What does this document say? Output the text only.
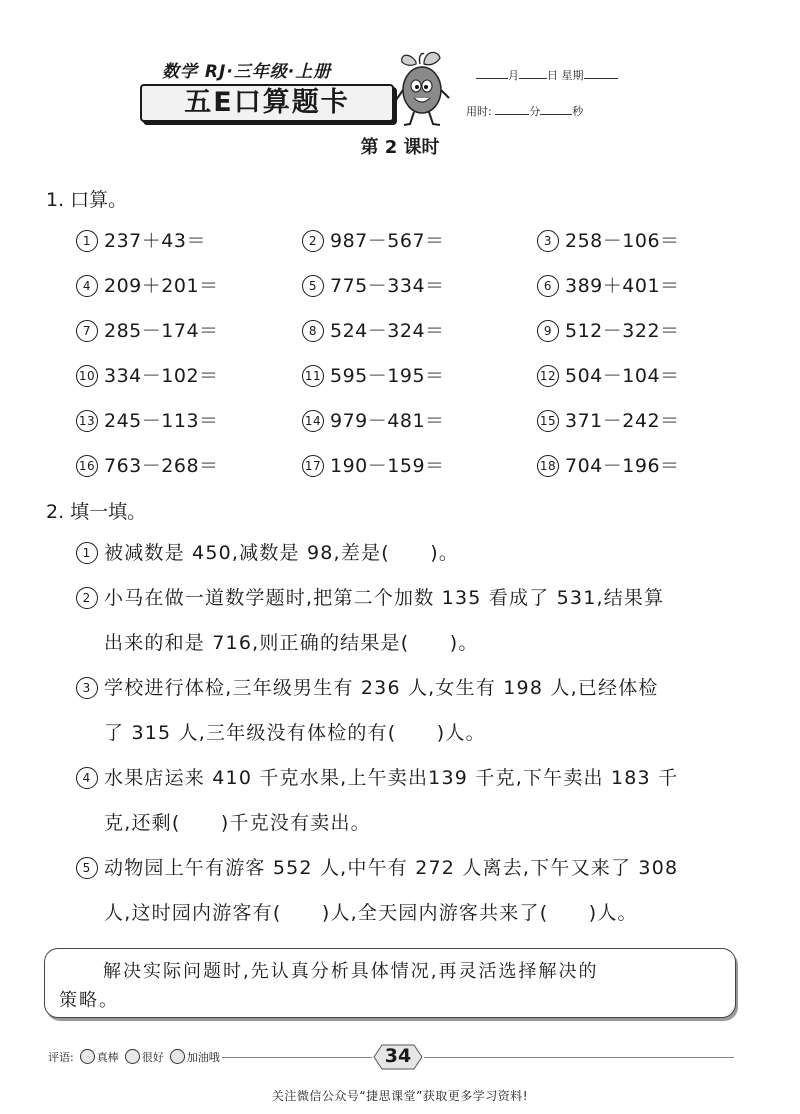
数学 RJ·三年级·上册
五E口算题卡
月	日 星期
用时:	分	秒
第 2 课时
1. 口算。
1 237＋43＝	2 987－567＝	3 258－106＝
4 209＋201＝	5 775－334＝	6 389＋401＝
7 285－174＝	8 524－324＝	9 512－322＝
10 334－102＝	11 595－195＝	12 504－104＝
13 245－113＝	14 979－481＝	15 371－242＝
16 763－268＝	17 190－159＝	18 704－196＝
2. 填一填。
1 被减数是 450,减数是 98,差是(　　)。
2 小马在做一道数学题时,把第二个加数 135 看成了 531,结果算
出来的和是 716,则正确的结果是(　　)。
3 学校进行体检,三年级男生有 236 人,女生有 198 人,已经体检
了 315 人,三年级没有体检的有(　　)人。
4 水果店运来 410 千克水果,上午卖出139 千克,下午卖出 183 千
克,还剩(　　)千克没有卖出。
5 动物园上午有游客 552 人,中午有 272 人离去,下午又来了 308
人,这时园内游客有(　　)人,全天园内游客共来了(　　)人。
解决实际问题时,先认真分析具体情况,再灵活选择解决的
策略。
评语: 真棒 很好 加油哦	34
关注微信公众号“捷思课堂”获取更多学习资料!
